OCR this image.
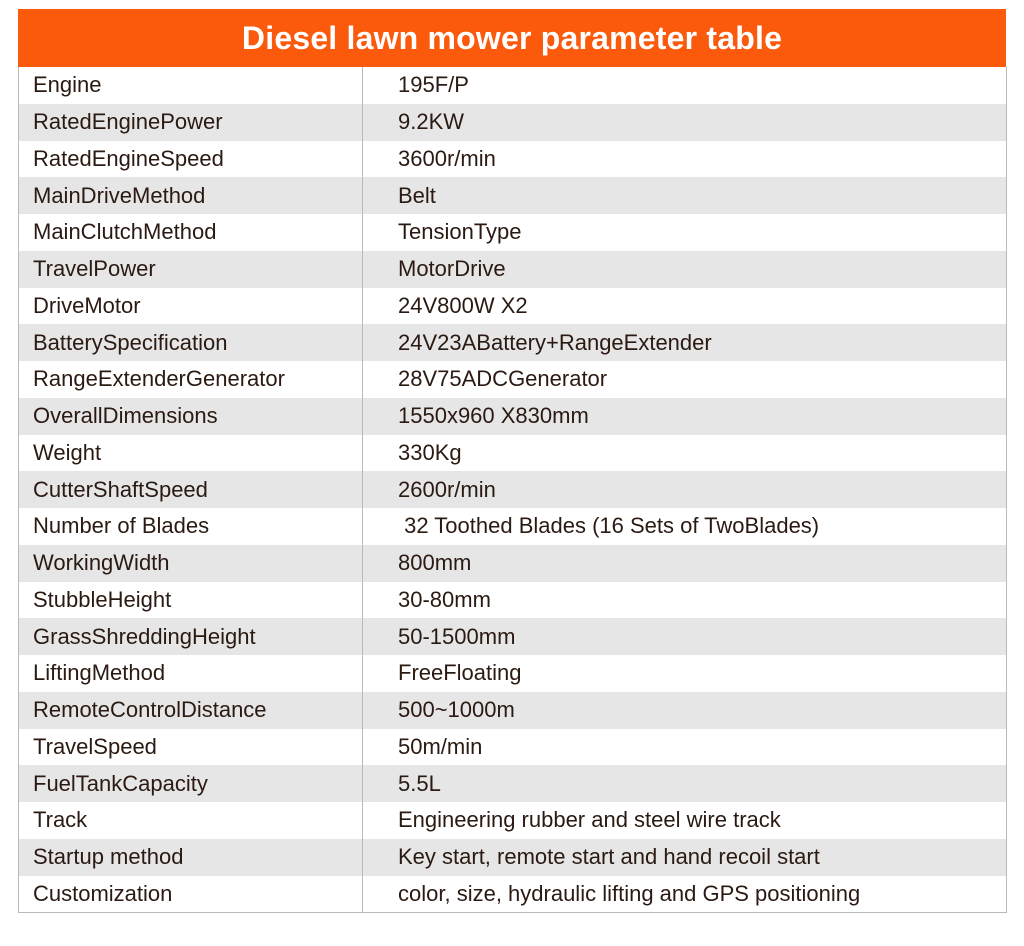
Diesel lawn mower parameter table
Engine	195F/P
RatedEnginePower	9.2KW
RatedEngineSpeed	3600r/min
MainDriveMethod	Belt
MainClutchMethod	TensionType
TravelPower	MotorDrive
DriveMotor	24V800W X2
BatterySpecification	24V23ABattery+RangeExtender
RangeExtenderGenerator	28V75ADCGenerator
OverallDimensions	1550x960 X830mm
Weight	330Kg
CutterShaftSpeed	2600r/min
Number of Blades	32 Toothed Blades (16 Sets of TwoBlades)
WorkingWidth	800mm
StubbleHeight	30-80mm
GrassShreddingHeight	50-1500mm
LiftingMethod	FreeFloating
RemoteControlDistance	500~1000m
TravelSpeed	50m/min
FuelTankCapacity	5.5L
Track	Engineering rubber and steel wire track
Startup method	Key start, remote start and hand recoil start
Customization	color, size, hydraulic lifting and GPS positioning
